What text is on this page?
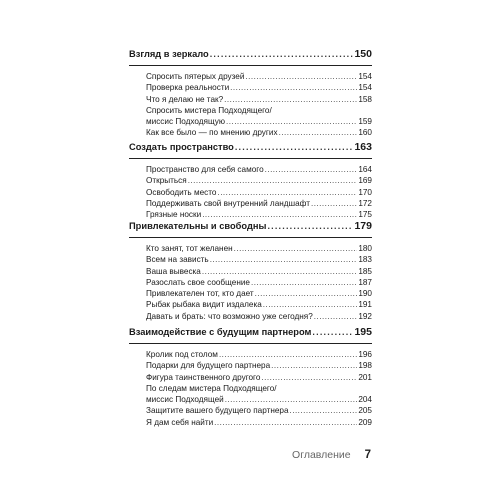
Взгляд в зеркало .....	150
Спросить пятерых друзей .....	154
Проверка реальности .....	154
Что я делаю не так? .....	158
Спросить мистера Подходящего/
миссис Подходящую .....	159
Как все было — по мнению других .....	160
Создать пространство .....	163
Пространство для себя самого .....	164
Открыться .....	169
Освободить место .....	170
Поддерживать свой внутренний ландшафт .....	172
Грязные носки .....	175
Привлекательны и свободны .....	179
Кто занят, тот желанен .....	180
Всем на зависть .....	183
Ваша вывеска .....	185
Разослать свое сообщение .....	187
Привлекателен тот, кто дает .....	190
Рыбак рыбака видит издалека .....	191
Давать и брать: что возможно уже сегодня? .....	192
Взаимодействие с будущим партнером .....	195
Кролик под столом .....	196
Подарки для будущего партнера .....	198
Фигура таинственного другого .....	201
По следам мистера Подходящего/
миссис Подходящей .....	204
Защитите вашего будущего партнера .....	205
Я дам себя найти .....	209
Оглавление 7
